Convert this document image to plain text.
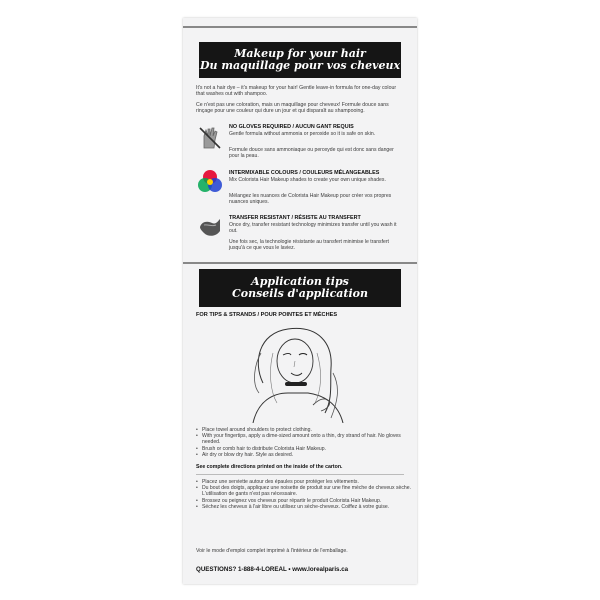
Makeup for your hair
Du maquillage pour vos cheveux
It's not a hair dye – it's makeup for your hair! Gentle leave-in formula for one-day colour that washes out with shampoo.
Ce n'est pas une coloration, mais un maquillage pour cheveux! Formule douce sans rinçage pour une couleur qui dure un jour et qui disparaît au shampooing.
NO GLOVES REQUIRED / AUCUN GANT REQUIS
Gentle formula without ammonia or peroxide so it is safe on skin.
Formule douce sans ammoniaque ou peroxyde qui est donc sans danger pour la peau.
INTERMIXABLE COLOURS / COULEURS MÉLANGEABLES
Mix Colorista Hair Makeup shades to create your own unique shades.
Mélangez les nuances de Colorista Hair Makeup pour créer vos propres nuances uniques.
TRANSFER RESISTANT / RÉSISTE AU TRANSFERT
Once dry, transfer resistant technology minimizes transfer until you wash it out.
Une fois sec, la technologie résistante au transfert minimise le transfert jusqu'à ce que vous le laviez.
Application tips
Conseils d'application
FOR TIPS & STRANDS / POUR POINTES ET MÈCHES
• Place towel around shoulders to protect clothing.
• With your fingertips, apply a dime-sized amount onto a thin, dry strand of hair. No gloves needed.
• Brush or comb hair to distribute Colorista Hair Makeup.
• Air dry or blow dry hair. Style as desired.
See complete directions printed on the inside of the carton.
• Placez une serviette autour des épaules pour protéger les vêtements.
• Du bout des doigts, appliquez une noisette de produit sur une fine mèche de cheveux sèche. L'utilisation de gants n'est pas nécessaire.
• Brossez ou peignez vos cheveux pour répartir le produit Colorista Hair Makeup.
• Séchez les cheveux à l'air libre ou utilisez un sèche-cheveux. Coiffez à votre guise.
Voir le mode d'emploi complet imprimé à l'intérieur de l'emballage.
QUESTIONS? 1-888-4-LOREAL • www.lorealparis.ca
